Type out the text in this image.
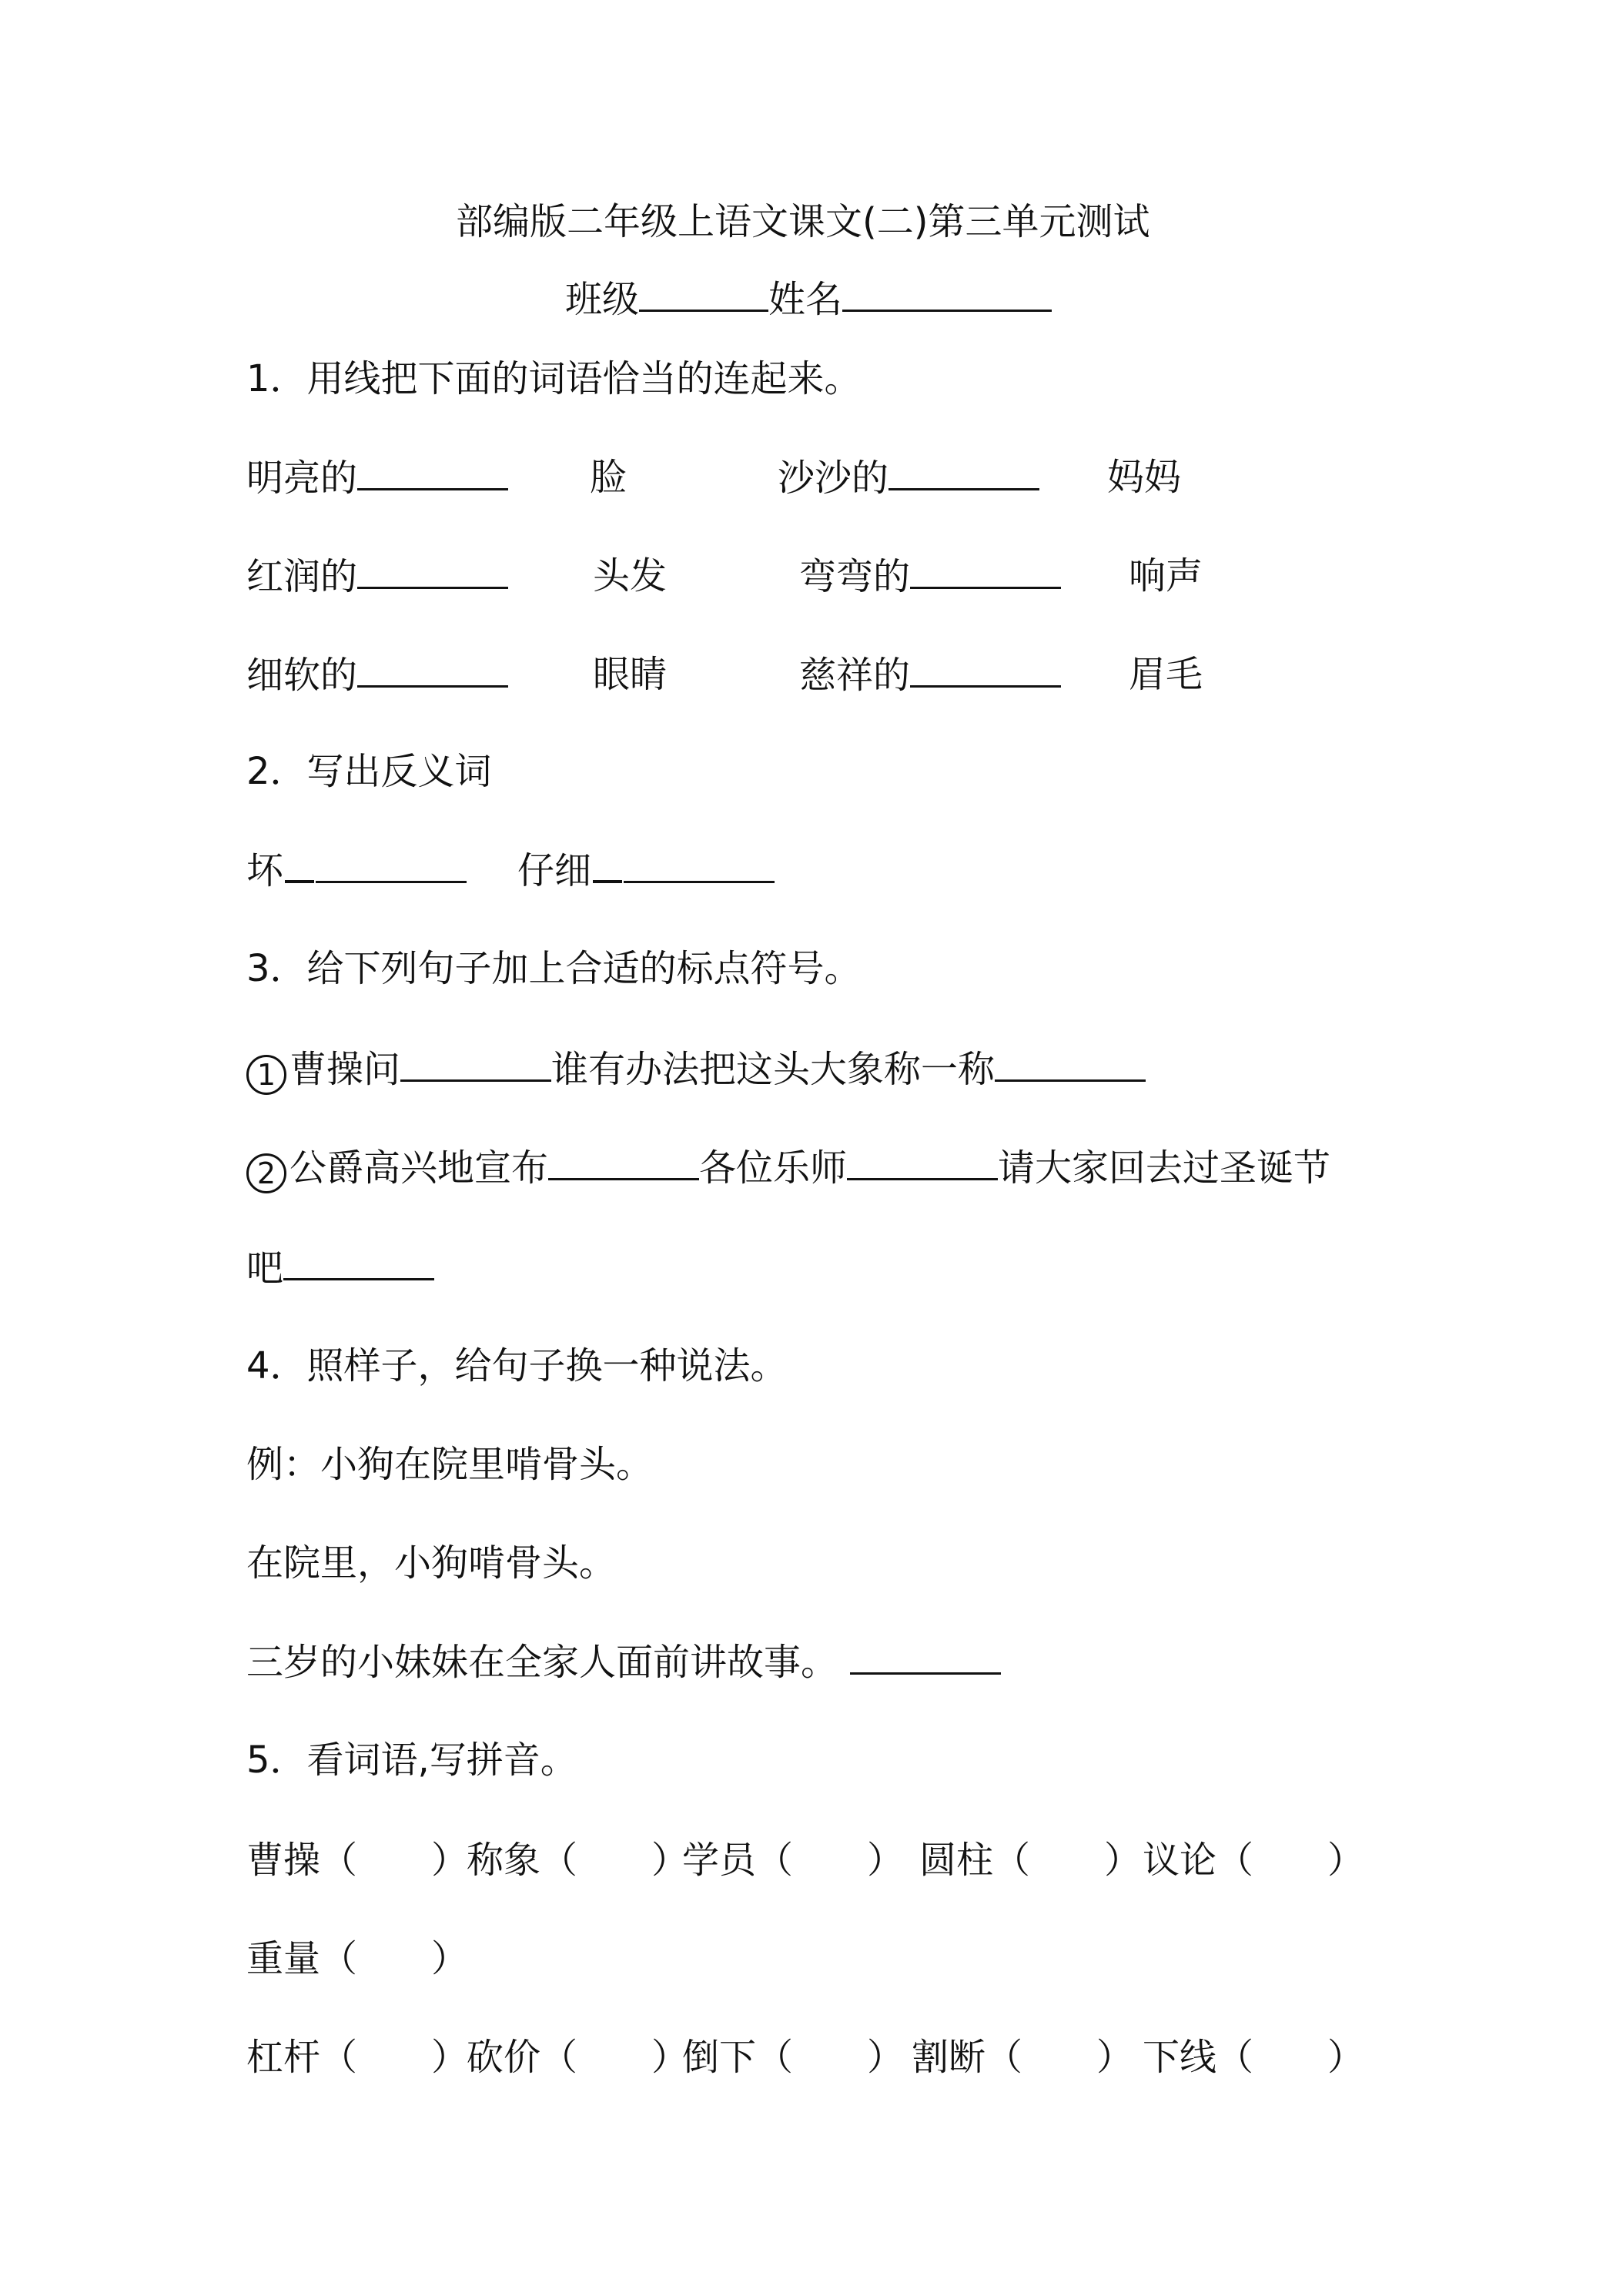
部编版二年级上语文课文(二)第三单元测试
班级	姓名
1．用线把下面的词语恰当的连起来。
明亮的	脸	沙沙的	妈妈
红润的	头发	弯弯的	响声
细软的	眼睛	慈祥的	眉毛
2．写出反义词
坏	仔细
3．给下列句子加上合适的标点符号。
1 曹操问	谁有办法把这头大象称一称
2 公爵高兴地宣布	各位乐师	请大家回去过圣诞节
吧
4．照样子，给句子换一种说法。
例：小狗在院里啃骨头。
在院里，小狗啃骨头。
三岁的小妹妹在全家人面前讲故事。
5．看词语,写拼音。
曹操（　　）
称象（　　）
学员（　　） 圆柱（　　） 议论（　　）
重量（　　）
杠杆（　　）
砍价（　　）
倒下（　　） 割断（　　） 下线（　　）
